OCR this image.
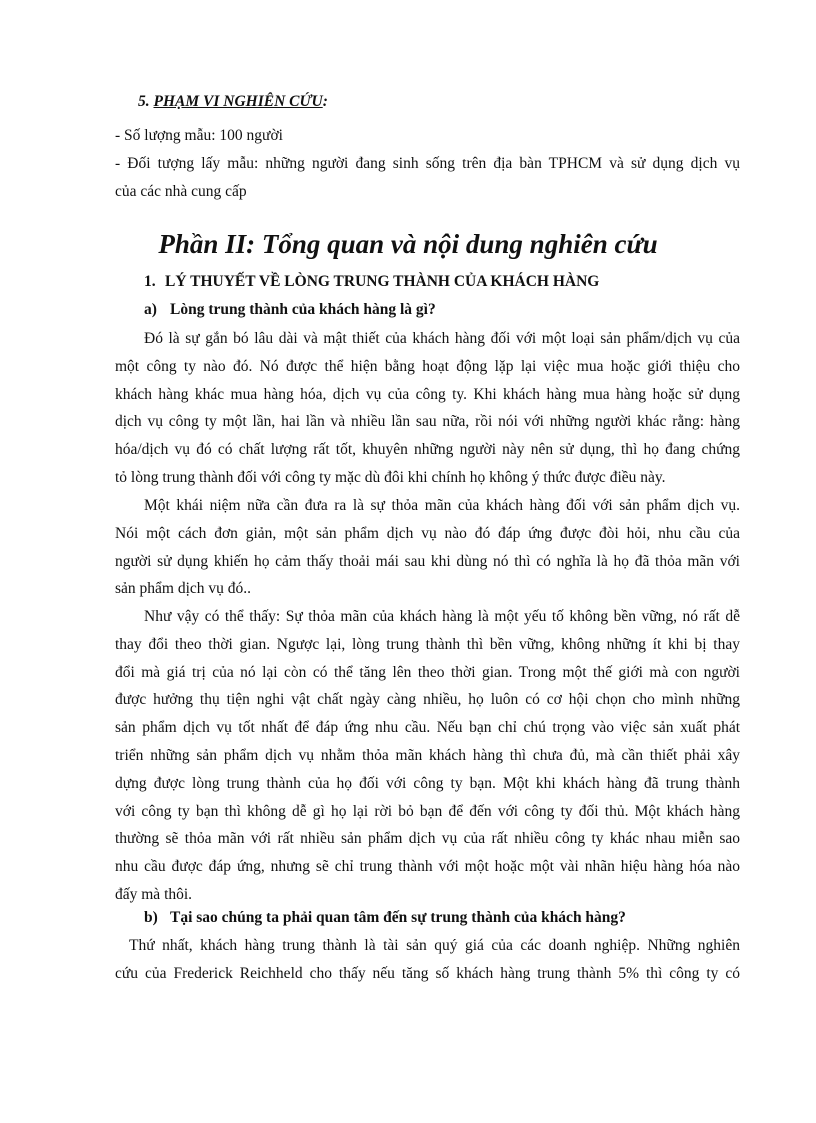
5. PHẠM VI NGHIÊN CỨU:
- Số lượng mẫu: 100 người
- Đối tượng lấy mẫu: những người đang sinh sống trên địa bàn TPHCM và sử dụng dịch vụ
của các nhà cung cấp
Phần II: Tổng quan và nội dung nghiên cứu
1. LÝ THUYẾT VỀ LÒNG TRUNG THÀNH CỦA KHÁCH HÀNG
a) Lòng trung thành của khách hàng là gì?
Đó là sự gắn bó lâu dài và mật thiết của khách hàng đối với một loại sản phẩm/dịch vụ của
một công ty nào đó. Nó được thể hiện bằng hoạt động lặp lại việc mua hoặc giới thiệu cho
khách hàng khác mua hàng hóa, dịch vụ của công ty. Khi khách hàng mua hàng hoặc sử dụng
dịch vụ công ty một lần, hai lần và nhiều lần sau nữa, rồi nói với những người khác rằng: hàng
hóa/dịch vụ đó có chất lượng rất tốt, khuyên những người này nên sử dụng, thì họ đang chứng
tỏ lòng trung thành đối với công ty mặc dù đôi khi chính họ không ý thức được điều này.
Một khái niệm nữa cần đưa ra là sự thỏa mãn của khách hàng đối với sản phẩm dịch vụ.
Nói một cách đơn giản, một sản phẩm dịch vụ nào đó đáp ứng được đòi hỏi, nhu cầu của
người sử dụng khiến họ cảm thấy thoải mái sau khi dùng nó thì có nghĩa là họ đã thỏa mãn với
sản phẩm dịch vụ đó..
Như vậy có thể thấy: Sự thỏa mãn của khách hàng là một yếu tố không bền vững, nó rất dễ
thay đổi theo thời gian. Ngược lại, lòng trung thành thì bền vững, không những ít khi bị thay
đổi mà giá trị của nó lại còn có thể tăng lên theo thời gian. Trong một thế giới mà con người
được hưởng thụ tiện nghi vật chất ngày càng nhiều, họ luôn có cơ hội chọn cho mình những
sản phẩm dịch vụ tốt nhất để đáp ứng nhu cầu. Nếu bạn chỉ chú trọng vào việc sản xuất phát
triển những sản phẩm dịch vụ nhằm thỏa mãn khách hàng thì chưa đủ, mà cần thiết phải xây
dựng được lòng trung thành của họ đối với công ty bạn. Một khi khách hàng đã trung thành
với công ty bạn thì không dễ gì họ lại rời bỏ bạn để đến với công ty đối thủ. Một khách hàng
thường sẽ thỏa mãn với rất nhiều sản phẩm dịch vụ của rất nhiều công ty khác nhau miễn sao
nhu cầu được đáp ứng, nhưng sẽ chỉ trung thành với một hoặc một vài nhãn hiệu hàng hóa nào
đấy mà thôi.
b) Tại sao chúng ta phải quan tâm đến sự trung thành của khách hàng?
Thứ nhất, khách hàng trung thành là tài sản quý giá của các doanh nghiệp. Những nghiên
cứu của Frederick Reichheld cho thấy nếu tăng số khách hàng trung thành 5% thì công ty có
